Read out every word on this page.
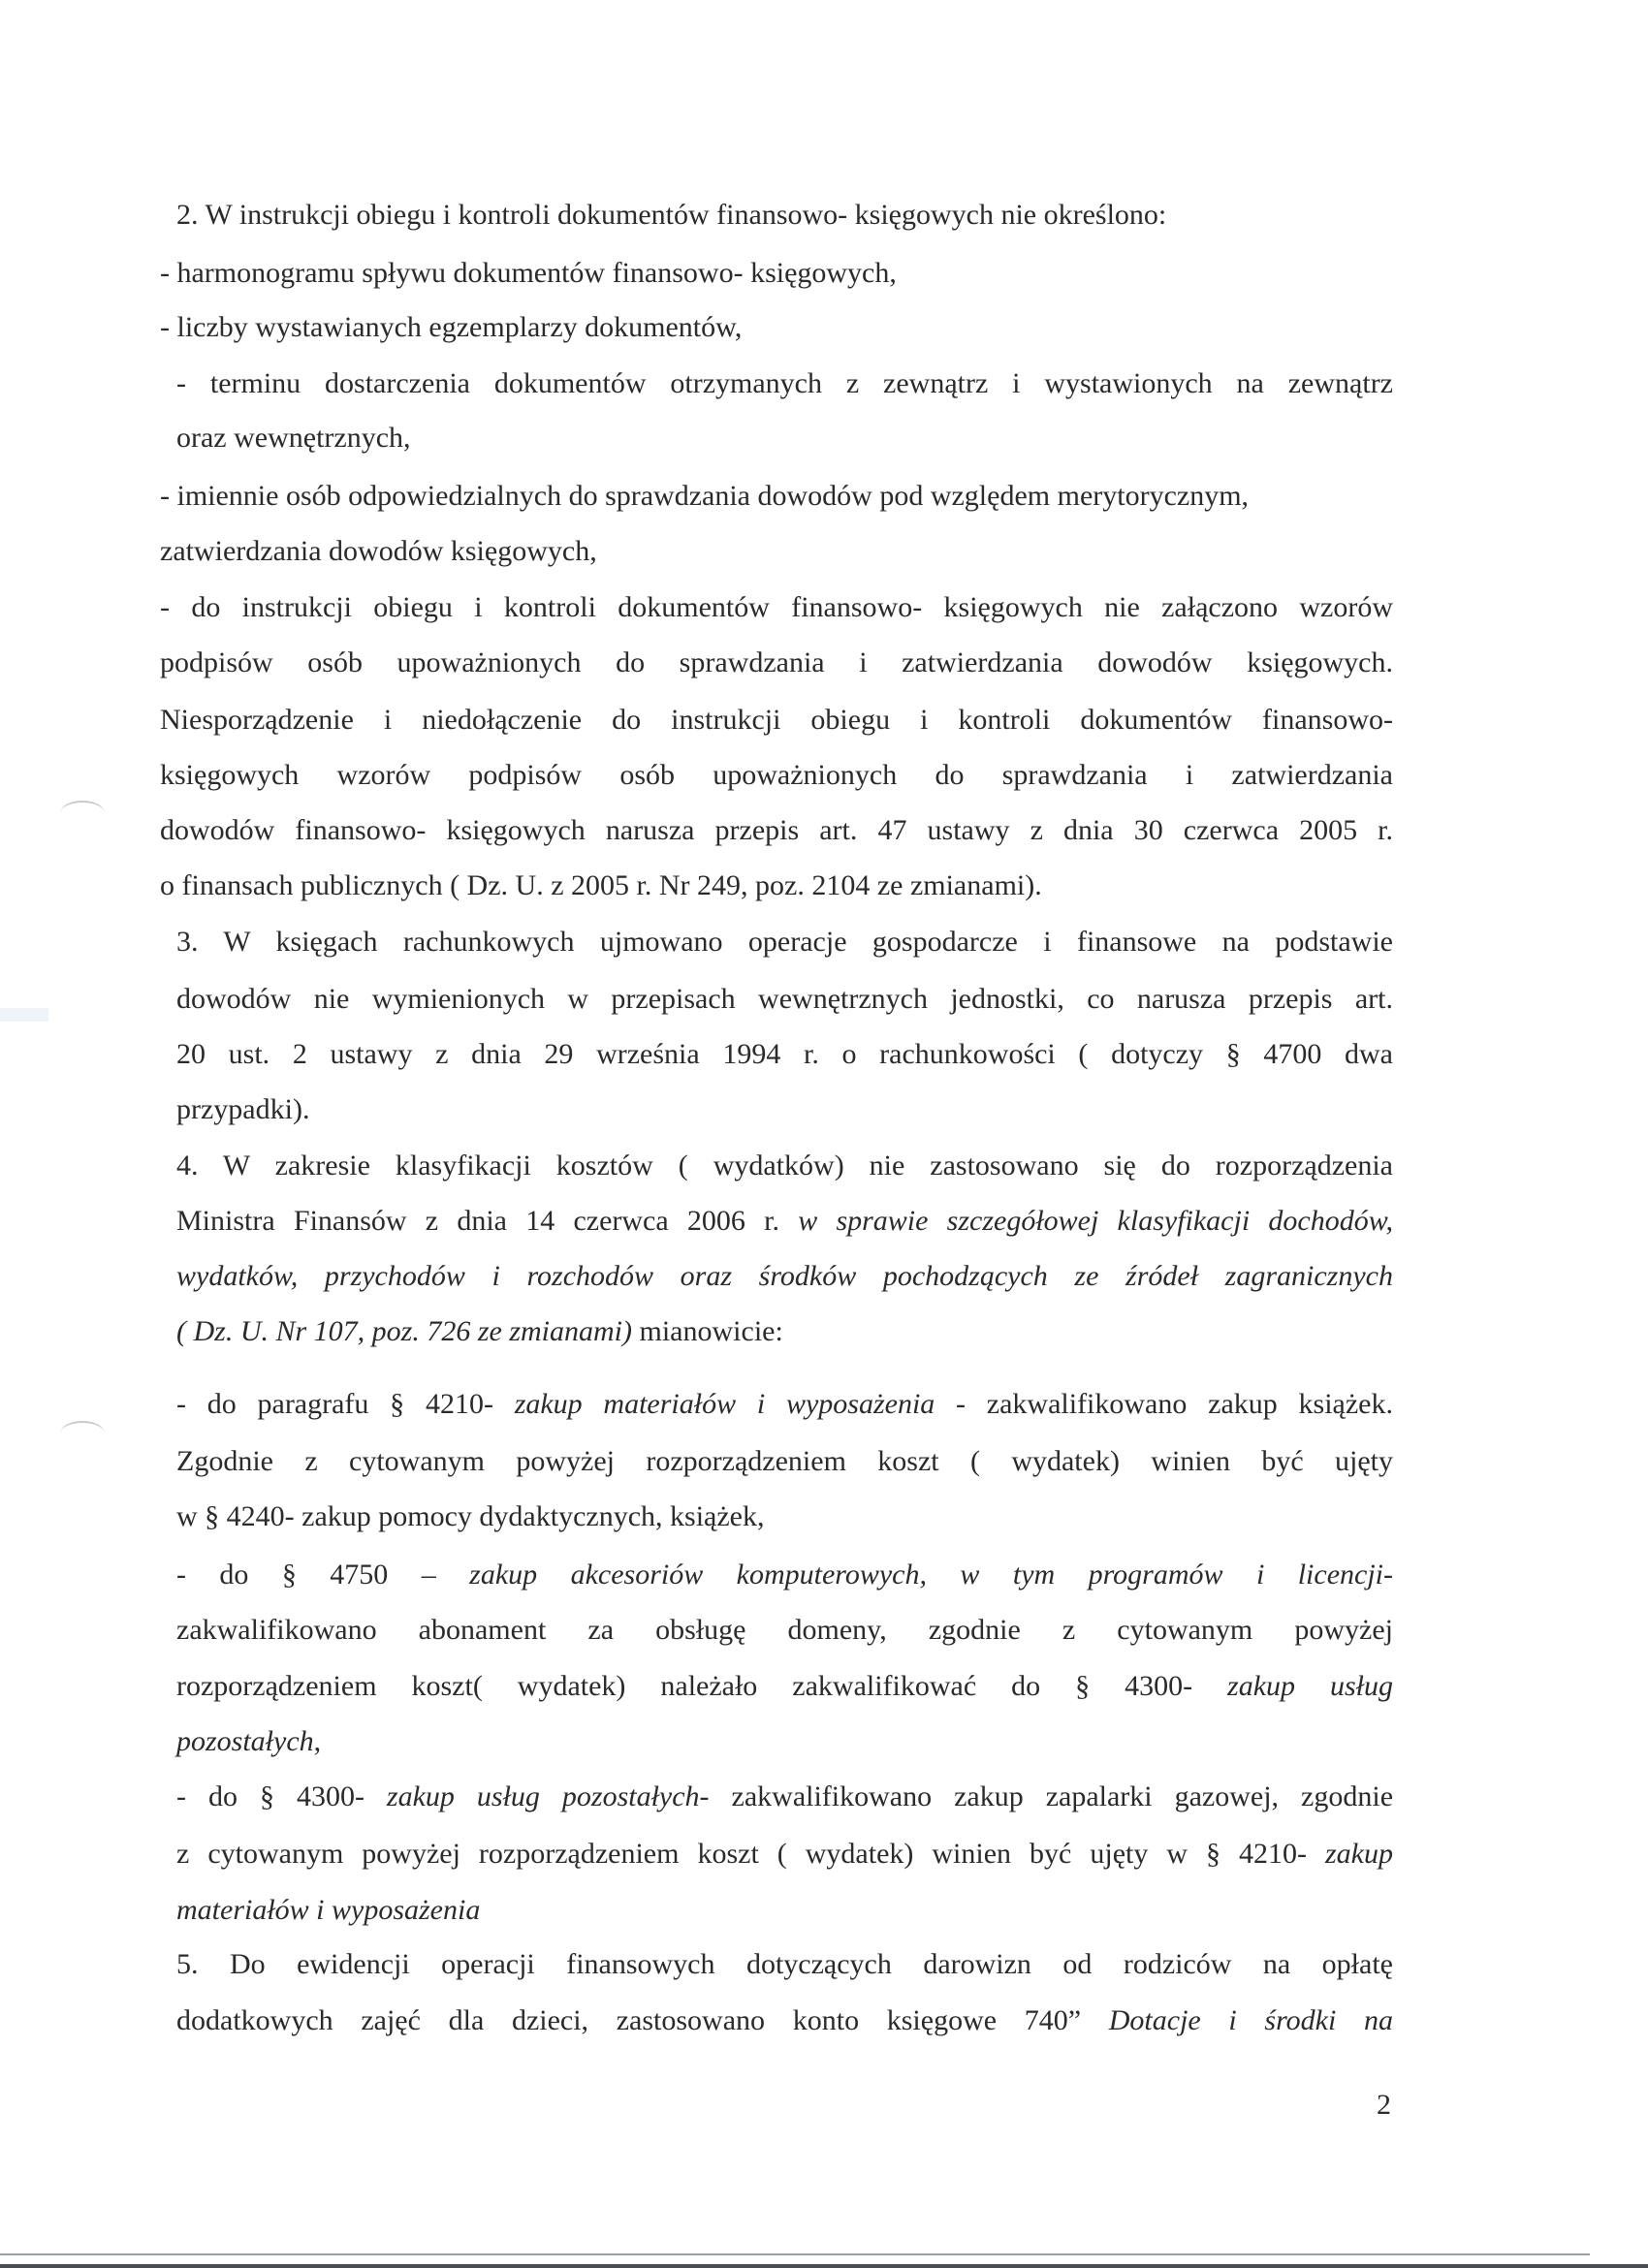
2. W instrukcji obiegu i kontroli dokumentów finansowo- księgowych nie określono:
- harmonogramu spływu dokumentów finansowo- księgowych,
- liczby wystawianych egzemplarzy dokumentów,
- terminu dostarczenia dokumentów otrzymanych z zewnątrz i wystawionych na zewnątrz
oraz wewnętrznych,
- imiennie osób odpowiedzialnych do sprawdzania dowodów pod względem merytorycznym,
zatwierdzania dowodów księgowych,
- do instrukcji obiegu i kontroli dokumentów finansowo- księgowych nie załączono wzorów
podpisów osób upoważnionych do sprawdzania i zatwierdzania dowodów księgowych.
Niesporządzenie i niedołączenie do instrukcji obiegu i kontroli dokumentów finansowo-
księgowych wzorów podpisów osób upoważnionych do sprawdzania i zatwierdzania
dowodów finansowo- księgowych narusza przepis art. 47 ustawy z dnia 30 czerwca 2005 r.
o finansach publicznych ( Dz. U. z 2005 r. Nr 249, poz. 2104 ze zmianami).
3. W księgach rachunkowych ujmowano operacje gospodarcze i finansowe na podstawie
dowodów nie wymienionych w przepisach wewnętrznych jednostki, co narusza przepis art.
20 ust. 2 ustawy z dnia 29 września 1994 r. o rachunkowości ( dotyczy § 4700 dwa
przypadki).
4. W zakresie klasyfikacji kosztów ( wydatków) nie zastosowano się do rozporządzenia
Ministra Finansów z dnia 14 czerwca 2006 r. w sprawie szczegółowej klasyfikacji dochodów,
wydatków, przychodów i rozchodów oraz środków pochodzących ze źródeł zagranicznych
( Dz. U. Nr 107, poz. 726 ze zmianami) mianowicie:
- do paragrafu § 4210- zakup materiałów i wyposażenia - zakwalifikowano zakup książek.
Zgodnie z cytowanym powyżej rozporządzeniem koszt ( wydatek) winien być ujęty
w § 4240- zakup pomocy dydaktycznych, książek,
- do § 4750 – zakup akcesoriów komputerowych, w tym programów i licencji-
zakwalifikowano abonament za obsługę domeny, zgodnie z cytowanym powyżej
rozporządzeniem koszt( wydatek) należało zakwalifikować do § 4300- zakup usług
pozostałych,
- do § 4300- zakup usług pozostałych- zakwalifikowano zakup zapalarki gazowej, zgodnie
z cytowanym powyżej rozporządzeniem koszt ( wydatek) winien być ujęty w § 4210- zakup
materiałów i wyposażenia
5. Do ewidencji operacji finansowych dotyczących darowizn od rodziców na opłatę
dodatkowych zajęć dla dzieci, zastosowano konto księgowe 740” Dotacje i środki na
2
